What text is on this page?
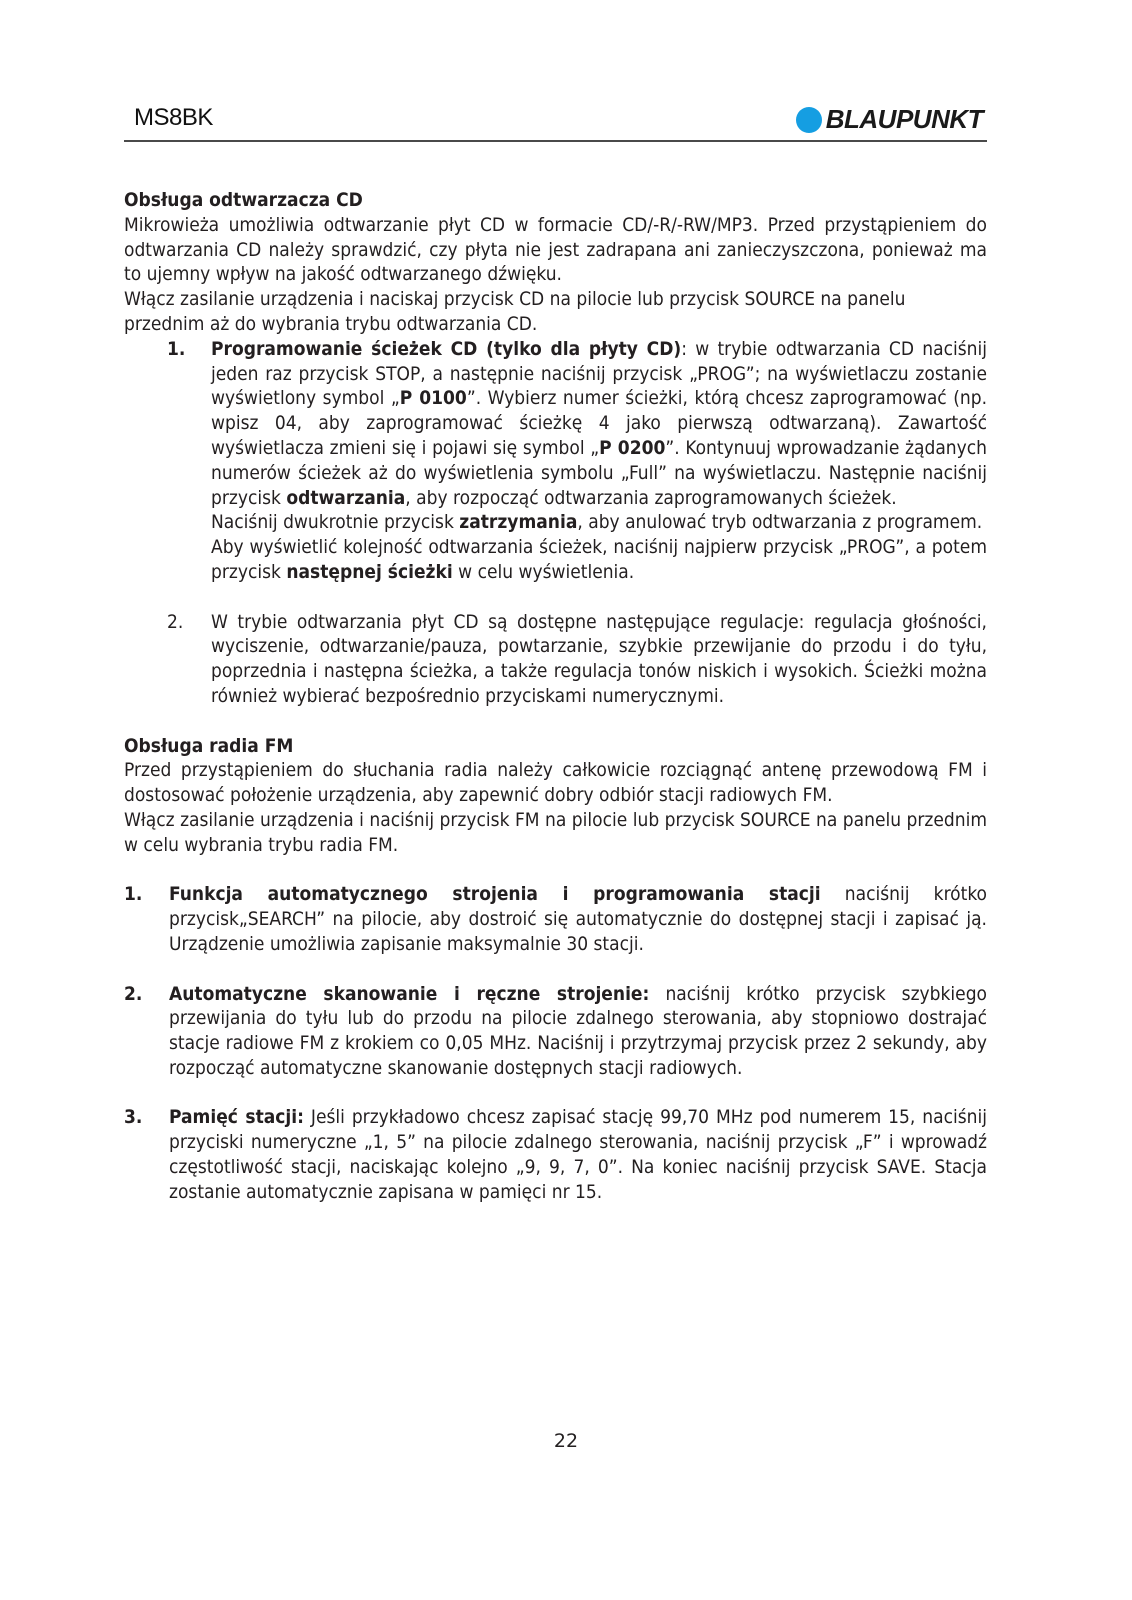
MS8BK	BLAUPUNKT

Obsługa odtwarzacza CD

Mikrowieża umożliwia odtwarzanie płyt CD w formacie CD/-R/-RW/MP3. Przed przystąpieniem do odtwarzania CD należy sprawdzić, czy płyta nie jest zadrapana ani zanieczyszczona, ponieważ ma to ujemny wpływ na jakość odtwarzanego dźwięku.

Włącz zasilanie urządzenia i naciskaj przycisk CD na pilocie lub przycisk SOURCE na panelu przednim aż do wybrania trybu odtwarzania CD.

1.	Programowanie ścieżek CD (tylko dla płyty CD): w trybie odtwarzania CD naciśnij jeden raz przycisk STOP, a następnie naciśnij przycisk „PROG”; na wyświetlaczu zostanie wyświetlony symbol „P 0100”. Wybierz numer ścieżki, którą chcesz zaprogramować (np. wpisz 04, aby zaprogramować ścieżkę 4 jako pierwszą odtwarzaną). Zawartość wyświetlacza zmieni się i pojawi się symbol „P 0200”. Kontynuuj wprowadzanie żądanych numerów ścieżek aż do wyświetlenia symbolu „Full” na wyświetlaczu. Następnie naciśnij przycisk odtwarzania, aby rozpocząć odtwarzania zaprogramowanych ścieżek.

Naciśnij dwukrotnie przycisk zatrzymania, aby anulować tryb odtwarzania z programem.

Aby wyświetlić kolejność odtwarzania ścieżek, naciśnij najpierw przycisk „PROG”, a potem przycisk następnej ścieżki w celu wyświetlenia.

2.	W trybie odtwarzania płyt CD są dostępne następujące regulacje: regulacja głośności, wyciszenie, odtwarzanie/pauza, powtarzanie, szybkie przewijanie do przodu i do tyłu, poprzednia i następna ścieżka, a także regulacja tonów niskich i wysokich. Ścieżki można również wybierać bezpośrednio przyciskami numerycznymi.

Obsługa radia FM

Przed przystąpieniem do słuchania radia należy całkowicie rozciągnąć antenę przewodową FM i dostosować położenie urządzenia, aby zapewnić dobry odbiór stacji radiowych FM.

Włącz zasilanie urządzenia i naciśnij przycisk FM na pilocie lub przycisk SOURCE na panelu przednim w celu wybrania trybu radia FM.

1.	Funkcja automatycznego strojenia i programowania stacji naciśnij krótko przycisk„SEARCH” na pilocie, aby dostroić się automatycznie do dostępnej stacji i zapisać ją. Urządzenie umożliwia zapisanie maksymalnie 30 stacji.

2.	Automatyczne skanowanie i ręczne strojenie: naciśnij krótko przycisk szybkiego przewijania do tyłu lub do przodu na pilocie zdalnego sterowania, aby stopniowo dostrajać stacje radiowe FM z krokiem co 0,05 MHz. Naciśnij i przytrzymaj przycisk przez 2 sekundy, aby rozpocząć automatyczne skanowanie dostępnych stacji radiowych.

3.	Pamięć stacji: Jeśli przykładowo chcesz zapisać stację 99,70 MHz pod numerem 15, naciśnij przyciski numeryczne „1, 5” na pilocie zdalnego sterowania, naciśnij przycisk „F” i wprowadź częstotliwość stacji, naciskając kolejno „9, 9, 7, 0”. Na koniec naciśnij przycisk SAVE. Stacja zostanie automatycznie zapisana w pamięci nr 15.

22
